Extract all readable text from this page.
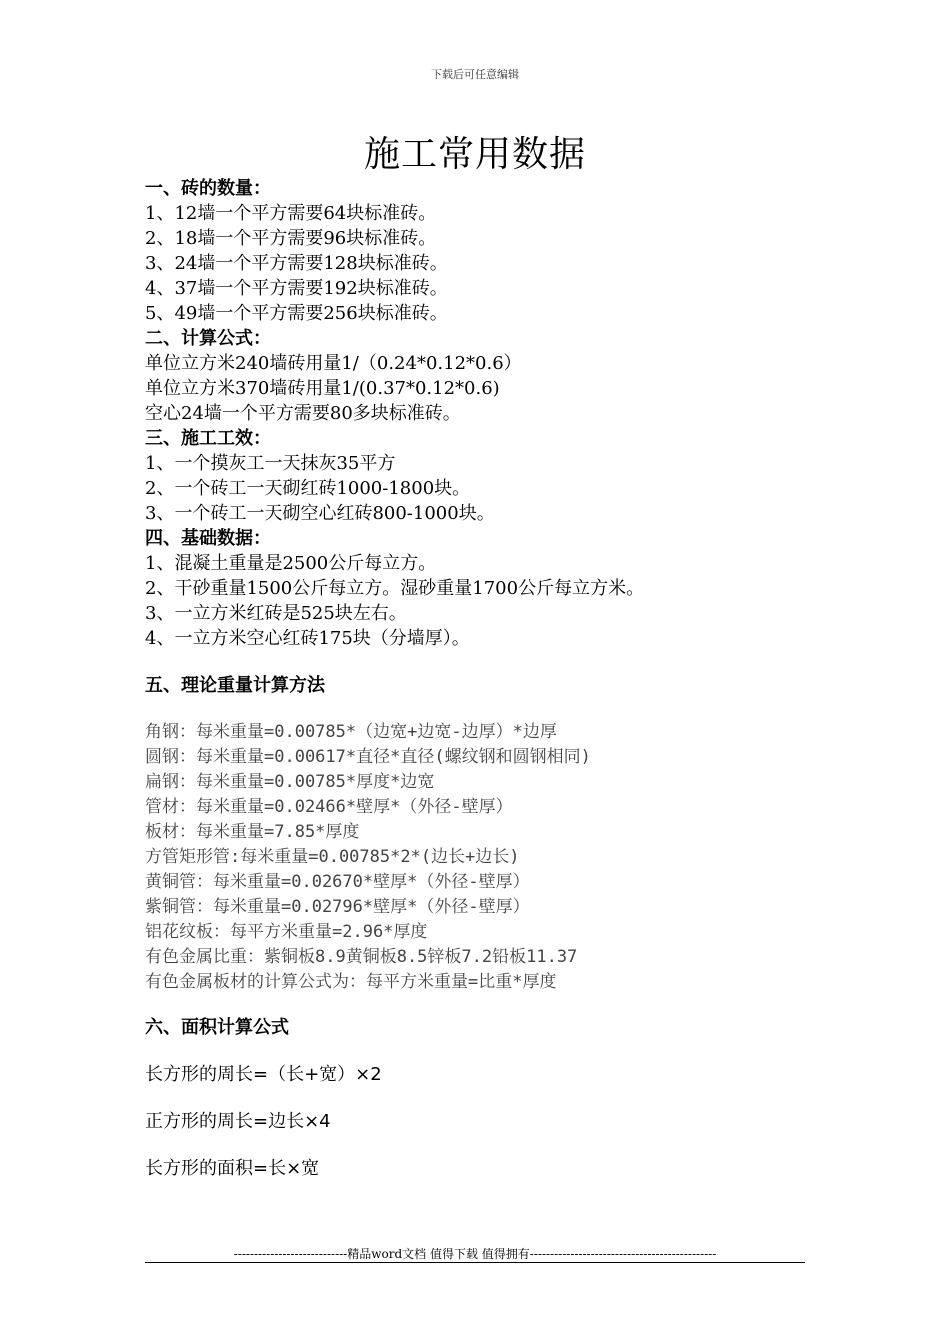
下载后可任意编辑
施工常用数据
一、砖的数量：
1、12墙一个平方需要64块标准砖。
2、18墙一个平方需要96块标准砖。
3、24墙一个平方需要128块标准砖。
4、37墙一个平方需要192块标准砖。
5、49墙一个平方需要256块标准砖。
二、计算公式：
单位立方米240墙砖用量1/（0.24*0.12*0.6）
单位立方米370墙砖用量1/(0.37*0.12*0.6)
空心24墙一个平方需要80多块标准砖。
三、施工工效：
1、一个摸灰工一天抹灰35平方
2、一个砖工一天砌红砖1000-1800块。
3、一个砖工一天砌空心红砖800-1000块。
四、基础数据：
1、混凝土重量是2500公斤每立方。
2、干砂重量1500公斤每立方。湿砂重量1700公斤每立方米。
3、一立方米红砖是525块左右。
4、一立方米空心红砖175块（分墙厚）。
五、理论重量计算方法
角钢：每米重量=0.00785*（边宽+边宽-边厚）*边厚
圆钢：每米重量=0.00617*直径*直径(螺纹钢和圆钢相同)
扁钢：每米重量=0.00785*厚度*边宽
管材：每米重量=0.02466*壁厚*（外径-壁厚）
板材：每米重量=7.85*厚度
方管矩形管:每米重量=0.00785*2*(边长+边长)
黄铜管：每米重量=0.02670*壁厚*（外径-壁厚）
紫铜管：每米重量=0.02796*壁厚*（外径-壁厚）
铝花纹板：每平方米重量=2.96*厚度
有色金属比重：紫铜板8.9黄铜板8.5锌板7.2铅板11.37
有色金属板材的计算公式为：每平方米重量=比重*厚度
六、面积计算公式
长方形的周长=（长+宽）×2
正方形的周长=边长×4
长方形的面积=长×宽
----------------------------精品word文档 值得下载 值得拥有----------------------------------------------
